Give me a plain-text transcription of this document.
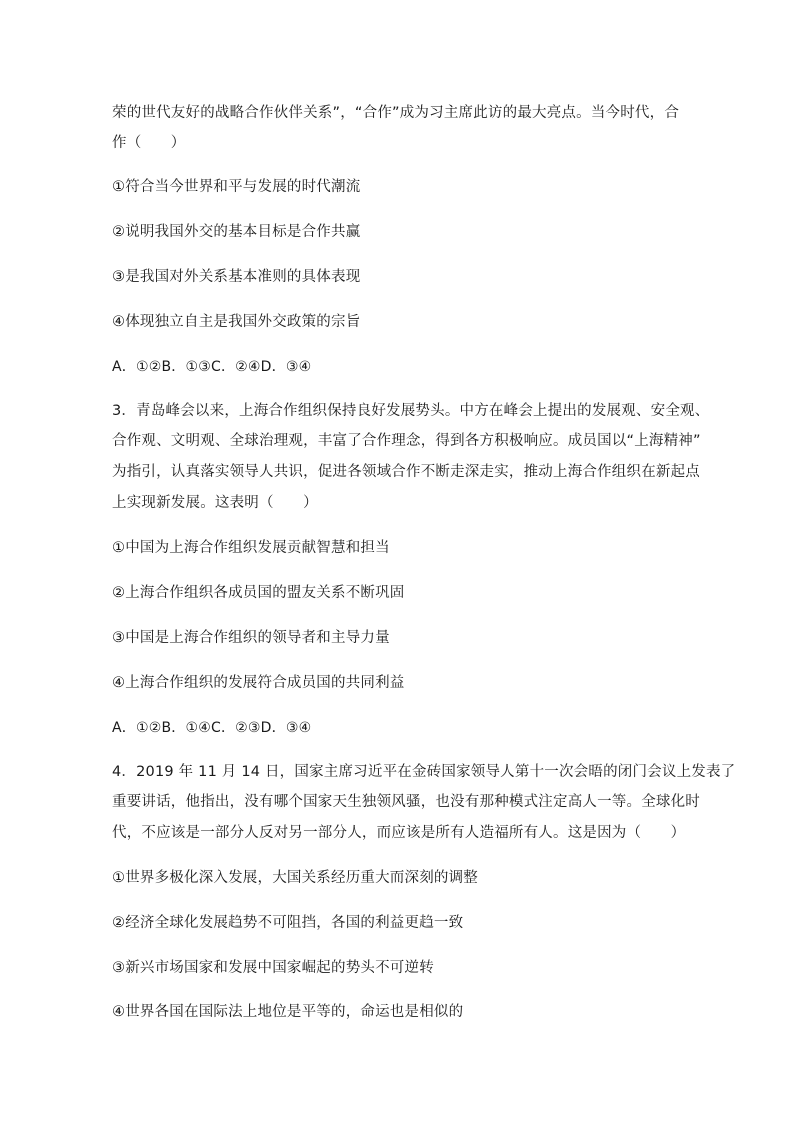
荣的世代友好的战略合作伙伴关系”，“合作”成为习主席此访的最大亮点。当今时代，合
作（　　）
①符合当今世界和平与发展的时代潮流
②说明我国外交的基本目标是合作共赢
③是我国对外关系基本准则的具体表现
④体现独立自主是我国外交政策的宗旨
A．①②B．①③C．②④D．③④
3．青岛峰会以来，上海合作组织保持良好发展势头。中方在峰会上提出的发展观、安全观、
合作观、文明观、全球治理观，丰富了合作理念，得到各方积极响应。成员国以“上海精神”
为指引，认真落实领导人共识，促进各领域合作不断走深走实，推动上海合作组织在新起点
上实现新发展。这表明（　　）
①中国为上海合作组织发展贡献智慧和担当
②上海合作组织各成员国的盟友关系不断巩固
③中国是上海合作组织的领导者和主导力量
④上海合作组织的发展符合成员国的共同利益
A．①②B．①④C．②③D．③④
4．2019 年 11 月 14 日，国家主席习近平在金砖国家领导人第十一次会晤的闭门会议上发表了
重要讲话，他指出，没有哪个国家天生独领风骚，也没有那种模式注定高人一等。全球化时
代，不应该是一部分人反对另一部分人，而应该是所有人造福所有人。这是因为（　　）
①世界多极化深入发展，大国关系经历重大而深刻的调整
②经济全球化发展趋势不可阻挡，各国的利益更趋一致
③新兴市场国家和发展中国家崛起的势头不可逆转
④世界各国在国际法上地位是平等的，命运也是相似的
